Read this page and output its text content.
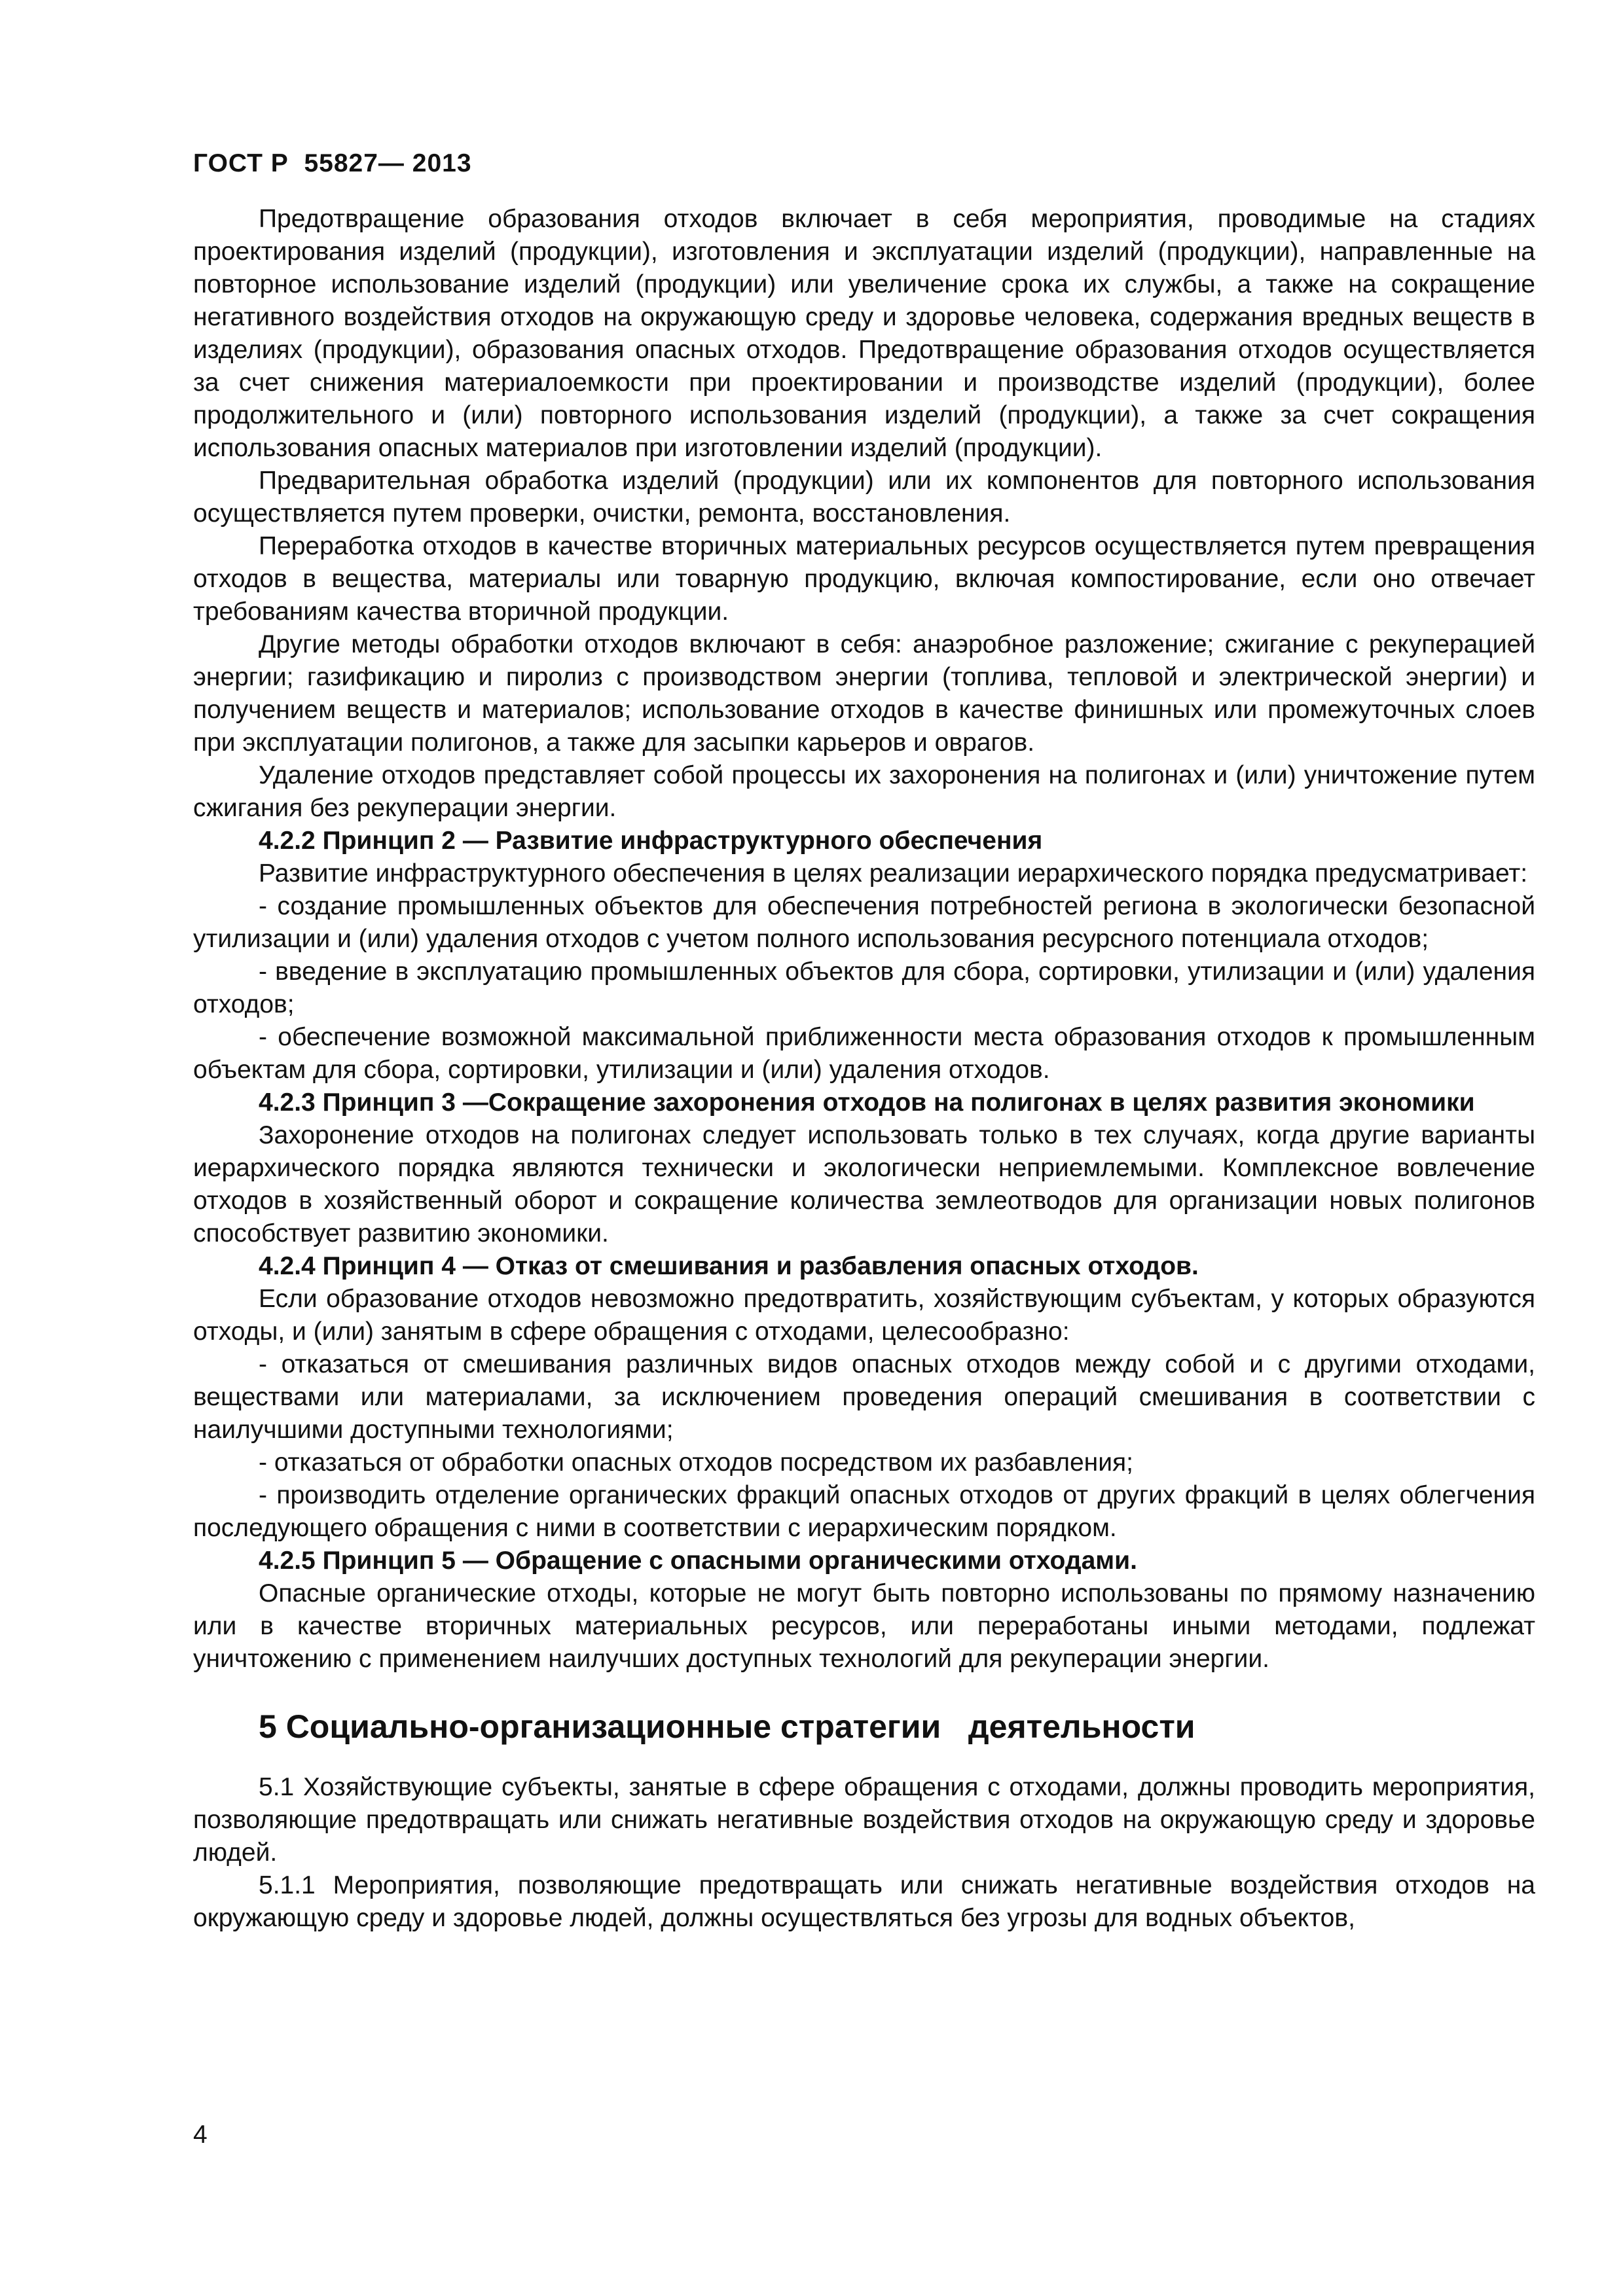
ГОСТ Р  55827— 2013

Предотвращение образования отходов включает в себя мероприятия, проводимые на стадиях проектирования изделий (продукции), изготовления и эксплуатации изделий (продукции), направленные на повторное использование изделий (продукции) или увеличение срока их службы, а также на сокращение негативного воздействия отходов на окружающую среду и здоровье человека, содержания вредных веществ в изделиях (продукции), образования опасных отходов. Предотвращение образования отходов осуществляется за счет снижения материалоемкости при проектировании и производстве изделий (продукции), более продолжительного и (или) повторного использования изделий (продукции), а также за счет сокращения использования опасных материалов при изготовлении изделий (продукции).

Предварительная обработка изделий (продукции) или их компонентов для повторного использования осуществляется путем проверки, очистки, ремонта, восстановления.

Переработка отходов в качестве вторичных материальных ресурсов осуществляется путем превращения отходов в вещества, материалы или товарную продукцию, включая компостирование, если оно отвечает требованиям качества вторичной продукции.

Другие методы обработки отходов включают в себя: анаэробное разложение; сжигание с рекуперацией энергии; газификацию и пиролиз с производством энергии (топлива, тепловой и электрической энергии) и получением веществ и материалов; использование отходов в качестве финишных или промежуточных слоев при эксплуатации полигонов, а также для засыпки карьеров и оврагов.

Удаление отходов представляет собой процессы их захоронения на полигонах и (или) уничтожение путем сжигания без рекуперации энергии.

4.2.2 Принцип 2 — Развитие инфраструктурного обеспечения

Развитие инфраструктурного обеспечения в целях реализации иерархического порядка предусматривает:

- создание промышленных объектов для обеспечения потребностей региона в экологически безопасной утилизации и (или) удаления отходов с учетом полного использования ресурсного потенциала отходов;

- введение в эксплуатацию промышленных объектов для сбора, сортировки, утилизации и (или) удаления отходов;

- обеспечение возможной максимальной приближенности места образования отходов к промышленным объектам для сбора, сортировки, утилизации и (или) удаления отходов.

4.2.3 Принцип 3 —Сокращение захоронения отходов на полигонах в целях развития экономики

Захоронение отходов на полигонах следует использовать только в тех случаях, когда другие варианты иерархического порядка являются технически и экологически неприемлемыми. Комплексное вовлечение отходов в хозяйственный оборот и сокращение количества землеотводов для организации новых полигонов способствует развитию экономики.

4.2.4 Принцип 4 — Отказ от смешивания и разбавления опасных отходов.

Если образование отходов невозможно предотвратить, хозяйствующим субъектам, у которых образуются отходы, и (или) занятым в сфере обращения с отходами, целесообразно:

- отказаться от смешивания различных видов опасных отходов между собой и с другими отходами, веществами или материалами, за исключением проведения операций смешивания в соответствии с наилучшими доступными технологиями;

- отказаться от обработки опасных отходов посредством их разбавления;

- производить отделение органических фракций опасных отходов от других фракций в целях облегчения последующего обращения с ними в соответствии с иерархическим порядком.

4.2.5 Принцип 5 — Обращение с опасными органическими отходами.

Опасные органические отходы, которые не могут быть повторно использованы по прямому назначению или в качестве вторичных материальных ресурсов, или переработаны иными методами, подлежат уничтожению с применением наилучших доступных технологий для рекуперации энергии.

5 Социально-организационные стратегии   деятельности

5.1 Хозяйствующие субъекты, занятые в сфере обращения с отходами, должны проводить мероприятия, позволяющие предотвращать или снижать негативные воздействия отходов на окружающую среду и здоровье людей.

5.1.1 Мероприятия, позволяющие предотвращать или снижать негативные воздействия отходов на окружающую среду и здоровье людей, должны осуществляться без угрозы для водных объектов,

4
